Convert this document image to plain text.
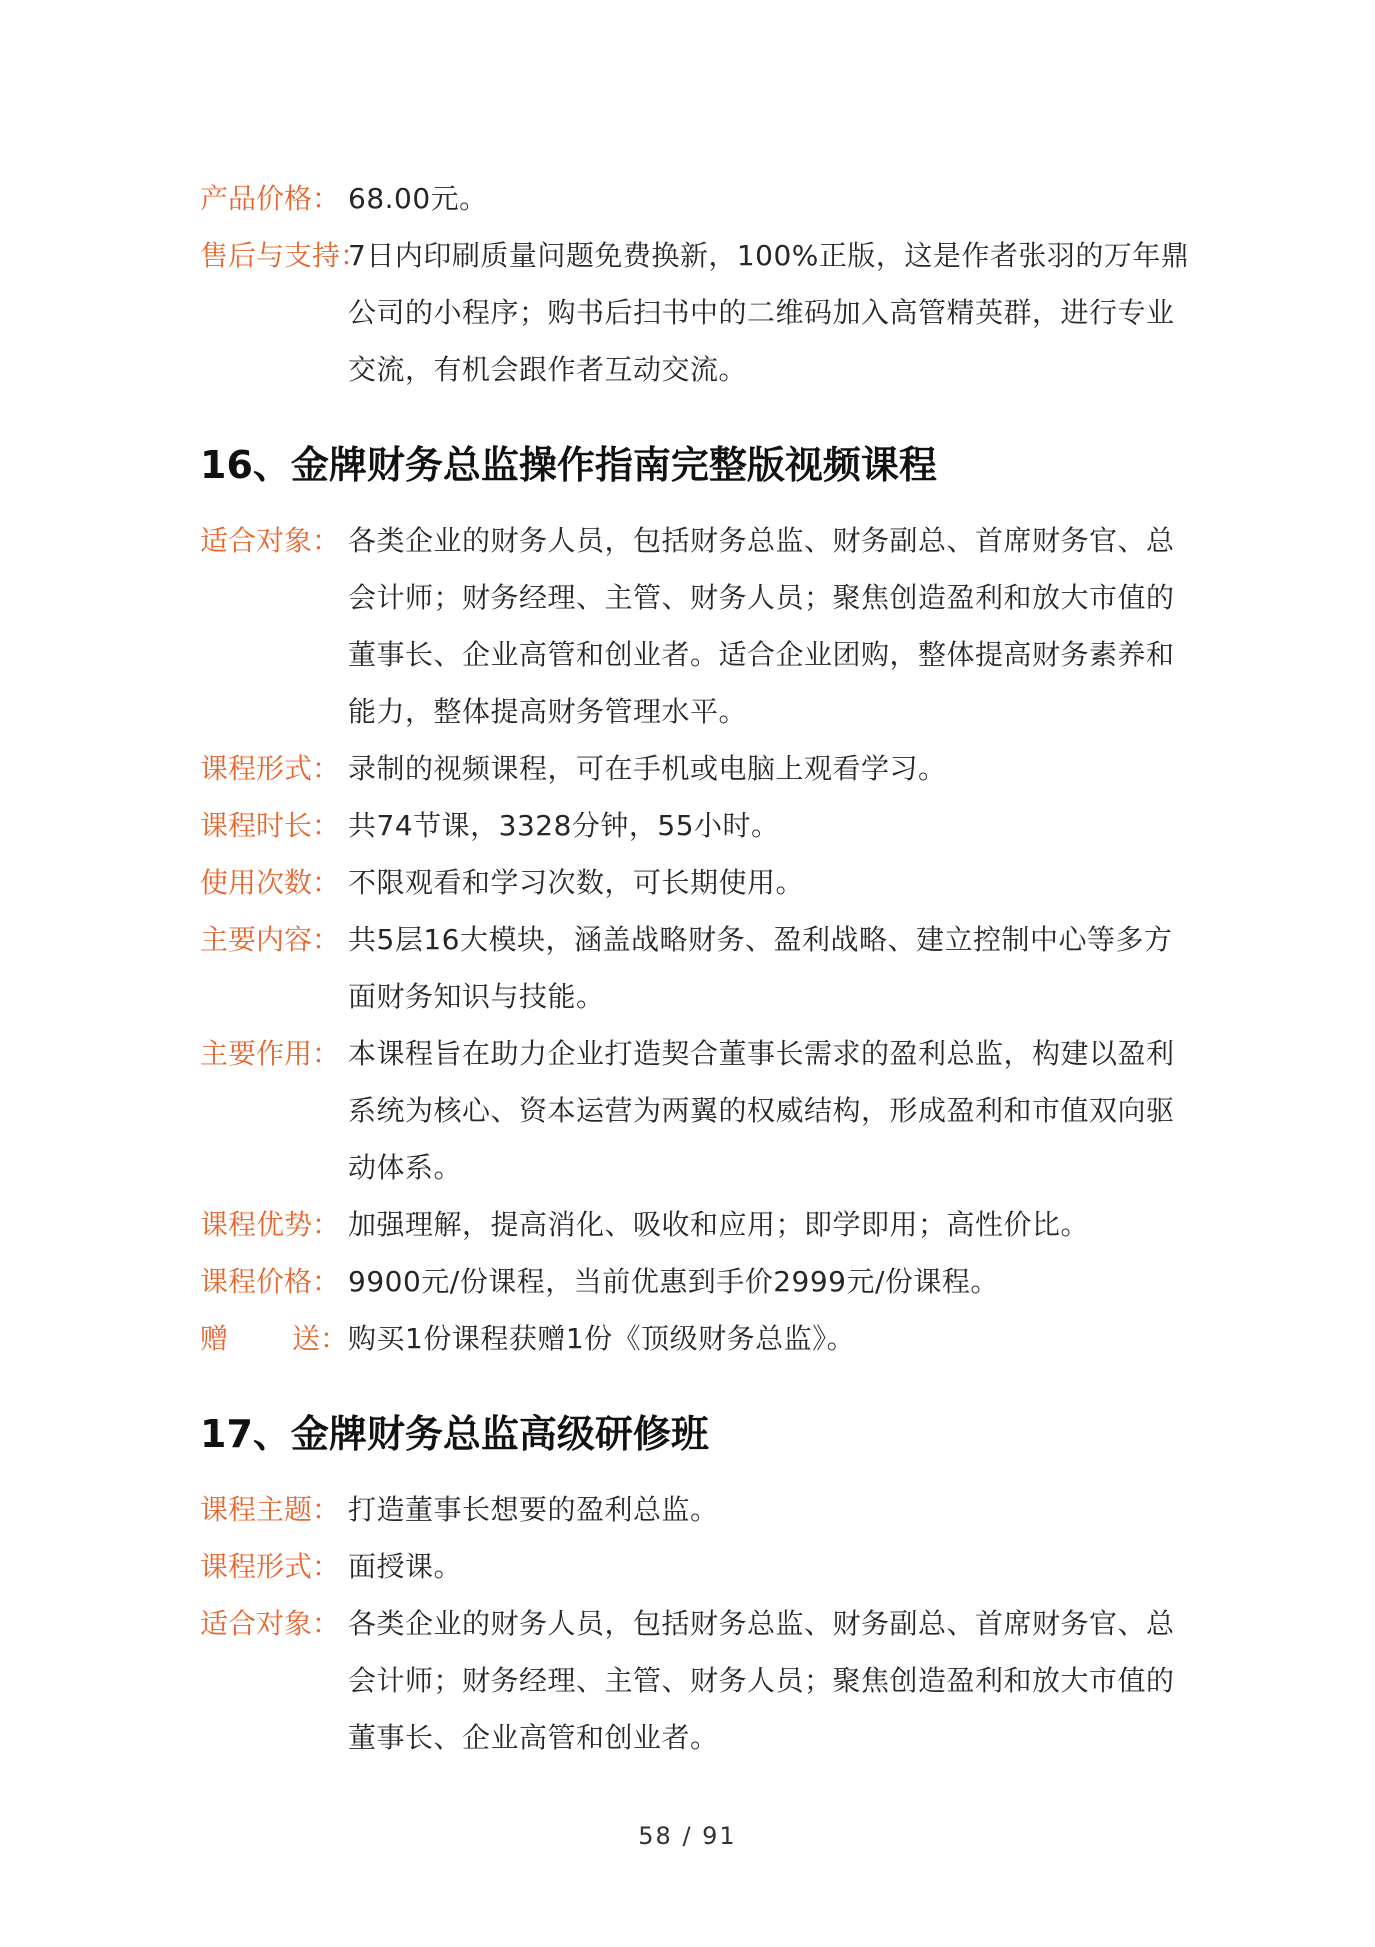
产品价格： 68.00元。
售后与支持：
7日内印刷质量问题免费换新，100%正版，这是作者张羽的万年鼎公司的小程序；购书后扫书中的二维码加入高管精英群，进行专业交流，有机会跟作者互动交流。
16、金牌财务总监操作指南完整版视频课程
适合对象： 各类企业的财务人员，包括财务总监、财务副总、首席财务官、总会计师；财务经理、主管、财务人员；聚焦创造盈利和放大市值的董事长、企业高管和创业者。适合企业团购，整体提高财务素养和能力，整体提高财务管理水平。
课程形式： 录制的视频课程，可在手机或电脑上观看学习。
课程时长： 共74节课，3328分钟，55小时。
使用次数： 不限观看和学习次数，可长期使用。
主要内容： 共5层16大模块，涵盖战略财务、盈利战略、建立控制中心等多方面财务知识与技能。
主要作用： 本课程旨在助力企业打造契合董事长需求的盈利总监，构建以盈利系统为核心、资本运营为两翼的权威结构，形成盈利和市值双向驱动体系。
课程优势： 加强理解，提高消化、吸收和应用；即学即用；高性价比。
课程价格： 9900元/份课程，当前优惠到手价2999元/份课程。
赠 送： 购买1份课程获赠1份《顶级财务总监》。
17、金牌财务总监高级研修班
课程主题： 打造董事长想要的盈利总监。
课程形式： 面授课。
适合对象： 各类企业的财务人员，包括财务总监、财务副总、首席财务官、总会计师；财务经理、主管、财务人员；聚焦创造盈利和放大市值的董事长、企业高管和创业者。
58 / 91
